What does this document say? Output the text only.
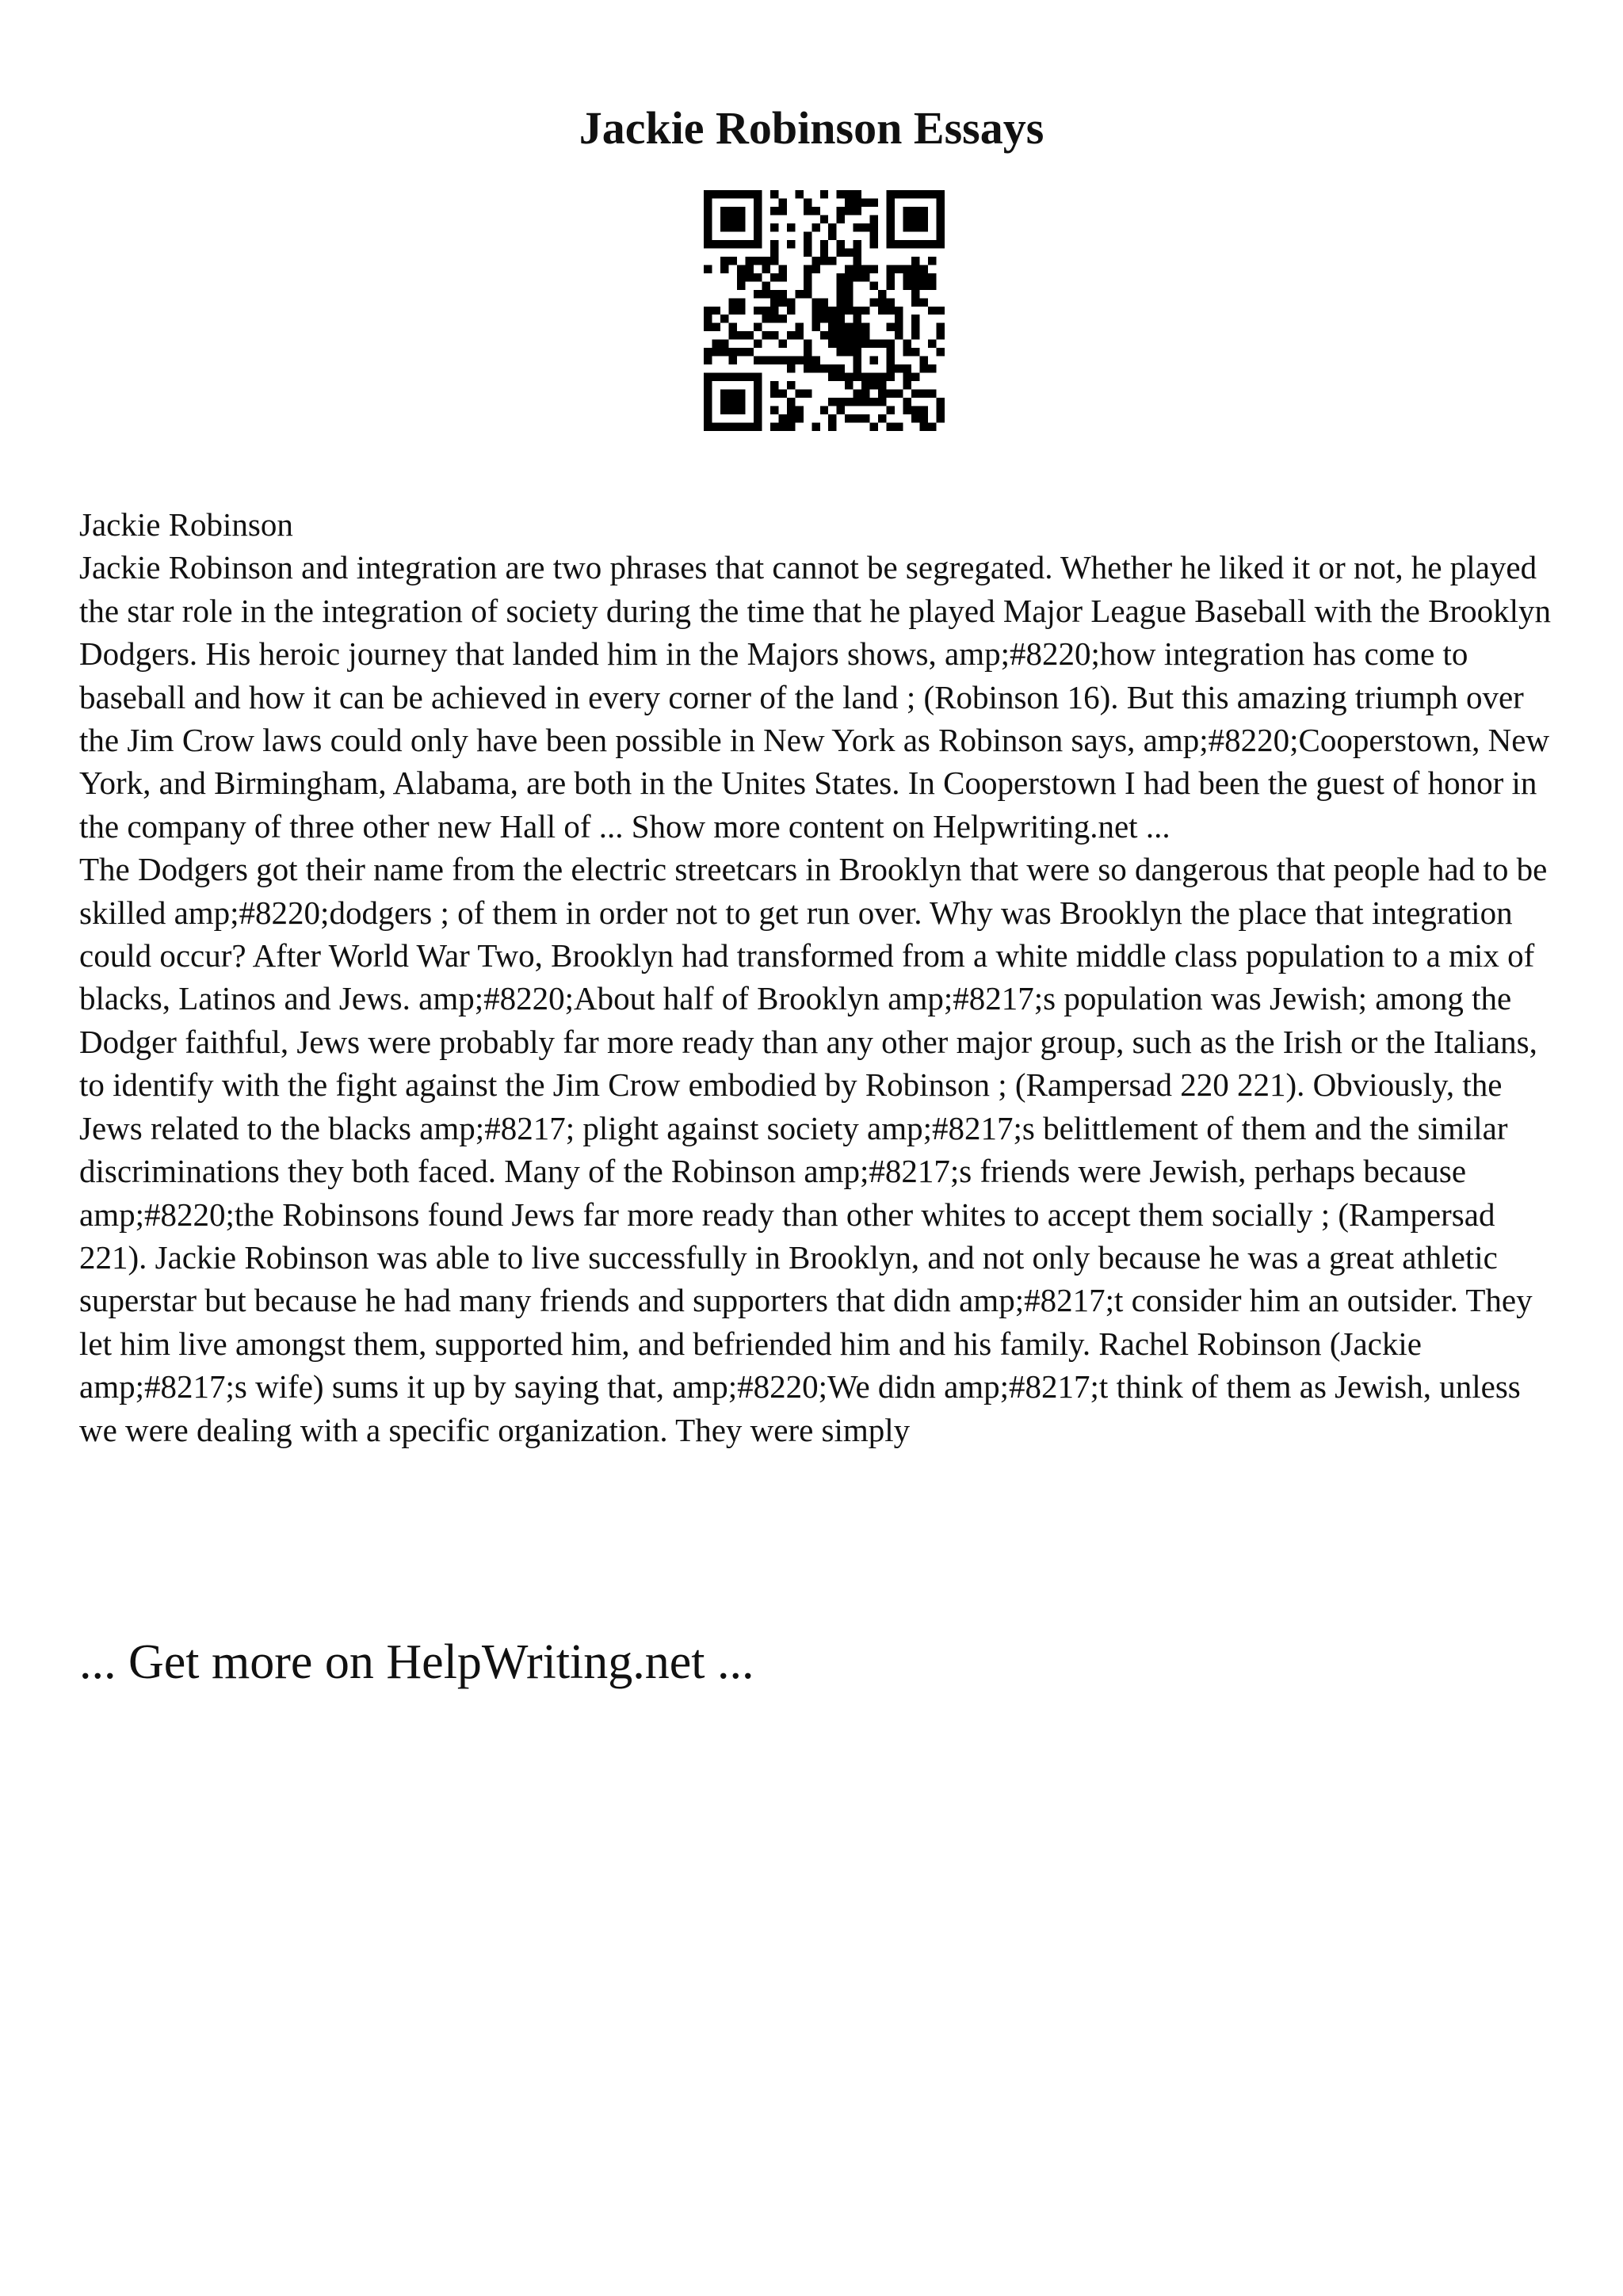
Jackie Robinson Essays

Jackie Robinson

Jackie Robinson and integration are two phrases that cannot be segregated. Whether he liked it or not, he played the star role in the integration of society during the time that he played Major League Baseball with the Brooklyn Dodgers. His heroic journey that landed him in the Majors shows, amp;#8220;how integration has come to baseball and how it can be achieved in every corner of the land ; (Robinson 16). But this amazing triumph over the Jim Crow laws could only have been possible in New York as Robinson says, amp;#8220;Cooperstown, New York, and Birmingham, Alabama, are both in the Unites States. In Cooperstown I had been the guest of honor in the company of three other new Hall of ... Show more content on Helpwriting.net ...

The Dodgers got their name from the electric streetcars in Brooklyn that were so dangerous that people had to be skilled amp;#8220;dodgers ; of them in order not to get run over. Why was Brooklyn the place that integration could occur? After World War Two, Brooklyn had transformed from a white middle class population to a mix of blacks, Latinos and Jews. amp;#8220;About half of Brooklyn amp;#8217;s population was Jewish; among the Dodger faithful, Jews were probably far more ready than any other major group, such as the Irish or the Italians, to identify with the fight against the Jim Crow embodied by Robinson ; (Rampersad 220 221). Obviously, the Jews related to the blacks amp;#8217; plight against society amp;#8217;s belittlement of them and the similar discriminations they both faced. Many of the Robinson amp;#8217;s friends were Jewish, perhaps because amp;#8220;the Robinsons found Jews far more ready than other whites to accept them socially ; (Rampersad 221). Jackie Robinson was able to live successfully in Brooklyn, and not only because he was a great athletic superstar but because he had many friends and supporters that didn amp;#8217;t consider him an outsider. They let him live amongst them, supported him, and befriended him and his family. Rachel Robinson (Jackie amp;#8217;s wife) sums it up by saying that, amp;#8220;We didn amp;#8217;t think of them as Jewish, unless we were dealing with a specific organization. They were simply

... Get more on HelpWriting.net ...
